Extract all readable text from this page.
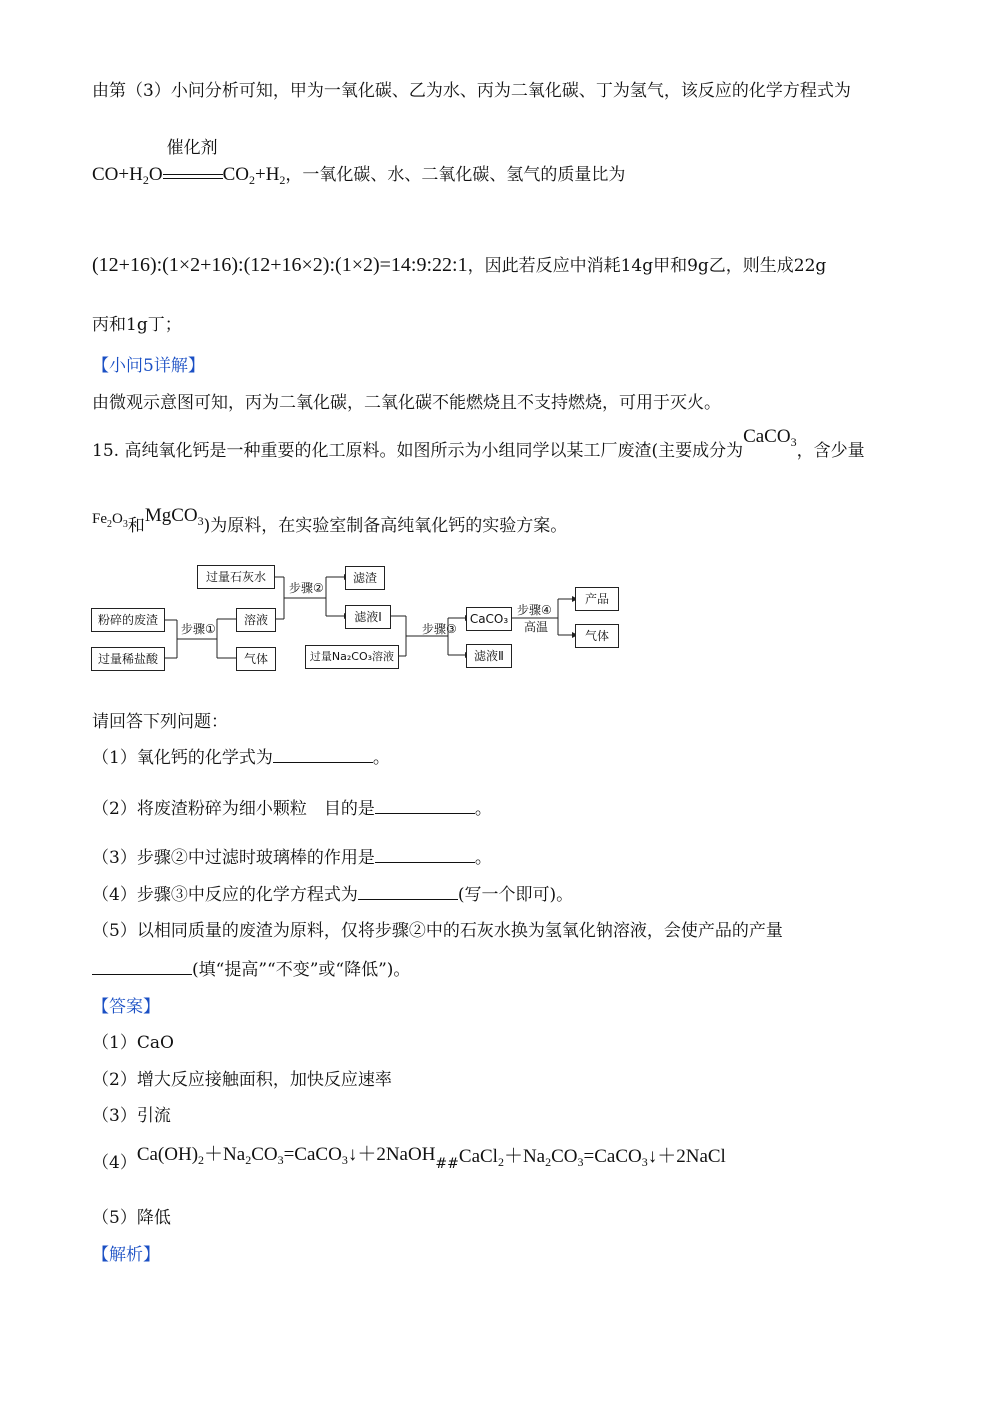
由第（3）小问分析可知，甲为一氧化碳、乙为水、丙为二氧化碳、丁为氢气，该反应的化学方程式为
$CO+H_2O$
催化剂
$CO_2+H_2$，一氧化碳、水、二氧化碳、氢气的质量比为
(12+16):(1×2+16):(12+16×2):(1×2)=14:9:22:1，因此若反应中消耗14g甲和9g乙，则生成22g
丙和1g丁；
【小问5详解】
由微观示意图可知，丙为二氧化碳，二氧化碳不能燃烧且不支持燃烧，可用于灭火。
15. 高纯氧化钙是一种重要的化工原料。如图所示为小组同学以某工厂废渣(主要成分为CaCO$_3$，含少量
$Fe_2O_3$和MgCO$_3$)为原料，在实验室制备高纯氧化钙的实验方案。
粉碎的废渣
过量稀盐酸
步骤①
溶液
气体
过量石灰水
步骤②
滤渣
滤液Ⅰ
过量Na₂CO₃溶液
步骤③
CaCO₃
滤液Ⅱ
步骤④
高温
产品
气体
请回答下列问题：
（1）氧化钙的化学式为	。
（2）将废渣粉碎为细小颗粒　目的是	。
（3）步骤②中过滤时玻璃棒的作用是	。
（4）步骤③中反应的化学方程式为	(写一个即可)。
（5）以相同质量的废渣为原料，仅将步骤②中的石灰水换为氢氧化钠溶液，会使产品的产量
(填“提高”“不变”或“降低”)。
【答案】
（1）CaO
（2）增大反应接触面积，加快反应速率
（3）引流
$(4)Ca(OH)_2+Na_2CO_3=CaCO_3↓+2NaOH\#\#CaCl_2+Na_2CO_3=CaCO_3↓+2NaCl$
（5）降低
【解析】
